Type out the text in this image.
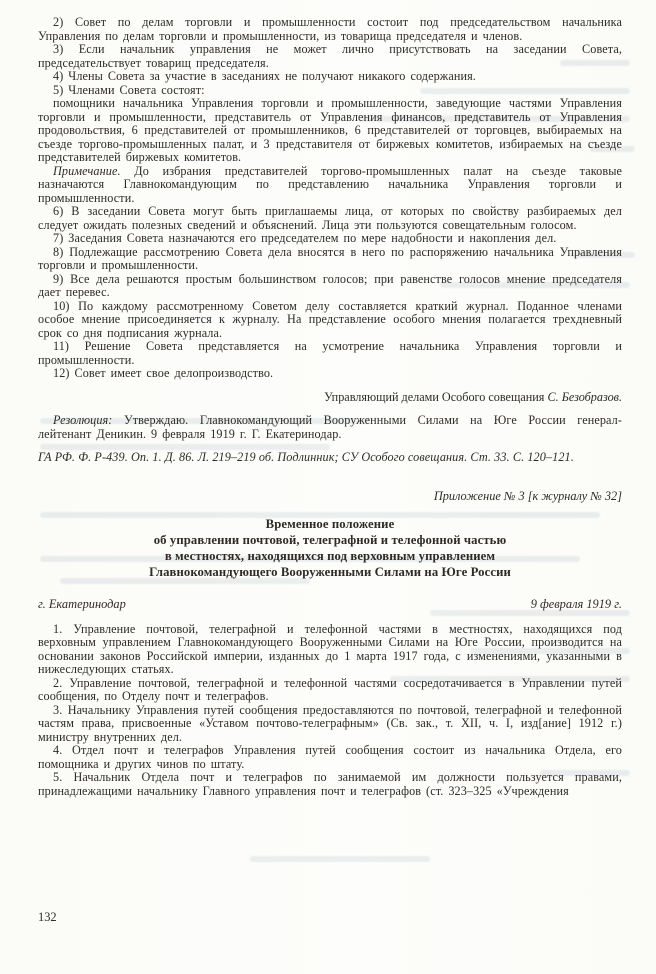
2) Совет по делам торговли и промышленности состоит под председательством начальника Управления по делам торговли и промышленности, из товарища председателя и членов.

3) Если начальник управления не может лично присутствовать на заседании Совета, председательствует товарищ председателя.

4) Члены Совета за участие в заседаниях не получают никакого содержания.

5) Членами Совета состоят:

помощники начальника Управления торговли и промышленности, заведующие частями Управления торговли и промышленности, представитель от Управления финансов, представитель от Управления продовольствия, 6 представителей от промышленников, 6 представителей от торговцев, выбираемых на съезде торгово-промышленных палат, и 3 представителя от биржевых комитетов, избираемых на съезде представителей биржевых комитетов.

Примечание. До избрания представителей торгово-промышленных палат на съезде таковые назначаются Главнокомандующим по представлению начальника Управления торговли и промышленности.

6) В заседании Совета могут быть приглашаемы лица, от которых по свойству разбираемых дел следует ожидать полезных сведений и объяснений. Лица эти пользуются совещательным голосом.

7) Заседания Совета назначаются его председателем по мере надобности и накопления дел.

8) Подлежащие рассмотрению Совета дела вносятся в него по распоряжению начальника Управления торговли и промышленности.

9) Все дела решаются простым большинством голосов; при равенстве голосов мнение председателя дает перевес.

10) По каждому рассмотренному Советом делу составляется краткий журнал. Поданное членами особое мнение присоединяется к журналу. На представление особого мнения полагается трехдневный срок со дня подписания журнала.

11) Решение Совета представляется на усмотрение начальника Управления торговли и промышленности.

12) Совет имеет свое делопроизводство.

Управляющий делами Особого совещания С. Безобразов.

Резолюция: Утверждаю. Главнокомандующий Вооруженными Силами на Юге России генерал-лейтенант Деникин. 9 февраля 1919 г. Г. Екатеринодар.

ГА РФ. Ф. Р-439. Оп. 1. Д. 86. Л. 219–219 об. Подлинник; СУ Особого совещания. Ст. 33. С. 120–121.
Приложение № 3 [к журналу № 32]
Временное положение
об управлении почтовой, телеграфной и телефонной частью
в местностях, находящихся под верховным управлением
Главнокомандующего Вооруженными Силами на Юге России
г. Екатеринодар	9 февраля 1919 г.

1. Управление почтовой, телеграфной и телефонной частями в местностях, находящихся под верховным управлением Главнокомандующего Вооруженными Силами на Юге России, производится на основании законов Российской империи, изданных до 1 марта 1917 года, с изменениями, указанными в нижеследующих статьях.

2. Управление почтовой, телеграфной и телефонной частями сосредотачивается в Управлении путей сообщения, по Отделу почт и телеграфов.

3. Начальнику Управления путей сообщения предоставляются по почтовой, телеграфной и телефонной частям права, присвоенные «Уставом почтово-телеграфным» (Св. зак., т. XII, ч. I, изд[ание] 1912 г.) министру внутренних дел.

4. Отдел почт и телеграфов Управления путей сообщения состоит из начальника Отдела, его помощника и других чинов по штату.

5. Начальник Отдела почт и телеграфов по занимаемой им должности пользуется правами, принадлежащими начальнику Главного управления почт и телеграфов (ст. 323–325 «Учреждения

132
